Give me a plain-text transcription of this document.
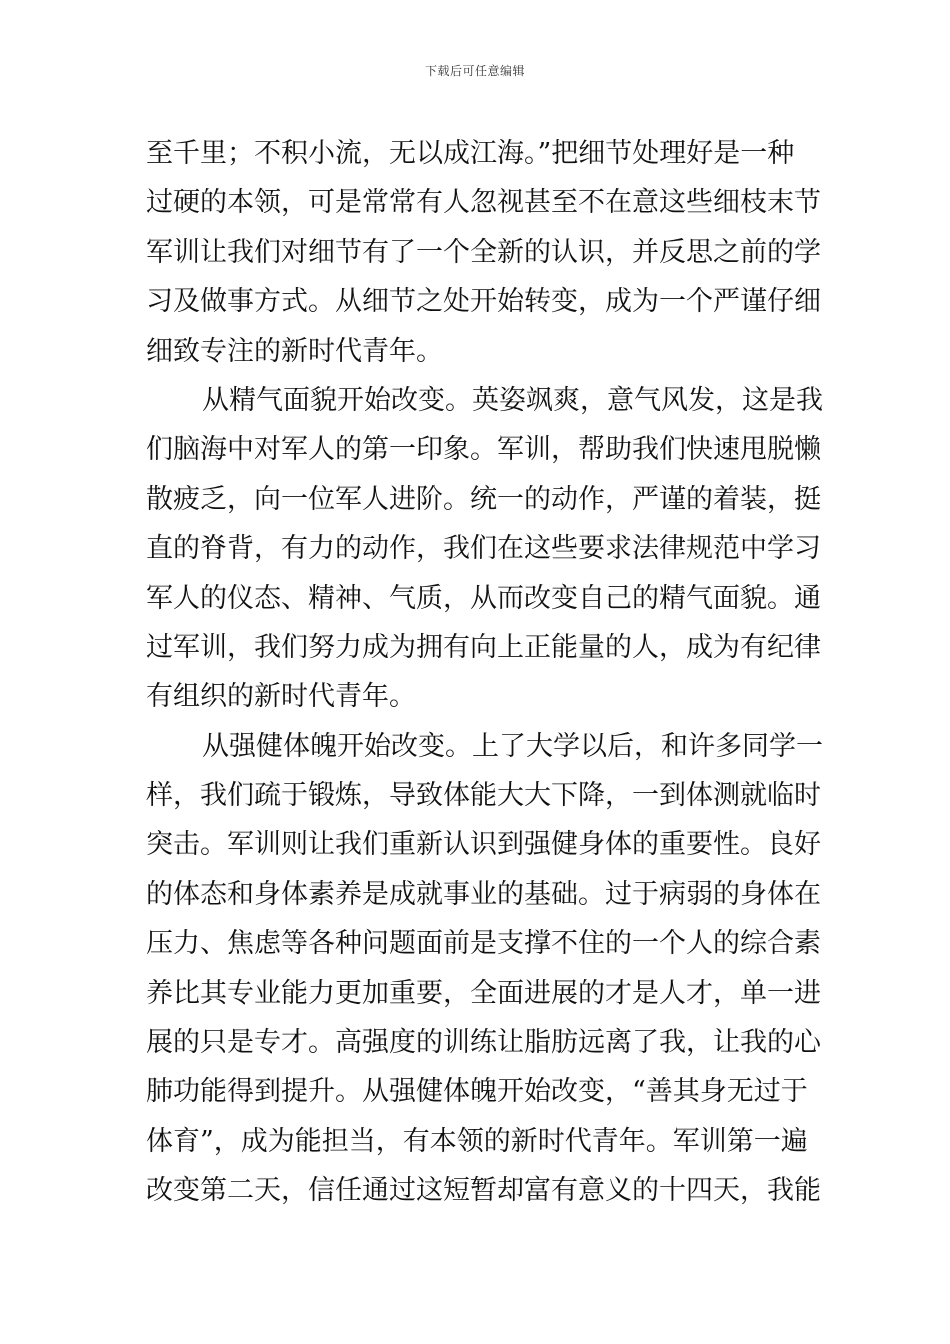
下载后可任意编辑
至千里；不积小流，无以成江海。”把细节处理好是一种
过硬的本领，可是常常有人忽视甚至不在意这些细枝末节
军训让我们对细节有了一个全新的认识，并反思之前的学
习及做事方式。从细节之处开始转变，成为一个严谨仔细
细致专注的新时代青年。
从精气面貌开始改变。英姿飒爽，意气风发，这是我
们脑海中对军人的第一印象。军训，帮助我们快速甩脱懒
散疲乏，向一位军人进阶。统一的动作，严谨的着装，挺
直的脊背，有力的动作，我们在这些要求法律规范中学习
军人的仪态、精神、气质，从而改变自己的精气面貌。通
过军训，我们努力成为拥有向上正能量的人，成为有纪律
有组织的新时代青年。
从强健体魄开始改变。上了大学以后，和许多同学一
样，我们疏于锻炼，导致体能大大下降，一到体测就临时
突击。军训则让我们重新认识到强健身体的重要性。良好
的体态和身体素养是成就事业的基础。过于病弱的身体在
压力、焦虑等各种问题面前是支撑不住的一个人的综合素
养比其专业能力更加重要，全面进展的才是人才，单一进
展的只是专才。高强度的训练让脂肪远离了我，让我的心
肺功能得到提升。从强健体魄开始改变，“善其身无过于
体育”，成为能担当，有本领的新时代青年。军训第一遍
改变第二天，信任通过这短暂却富有意义的十四天，我能
